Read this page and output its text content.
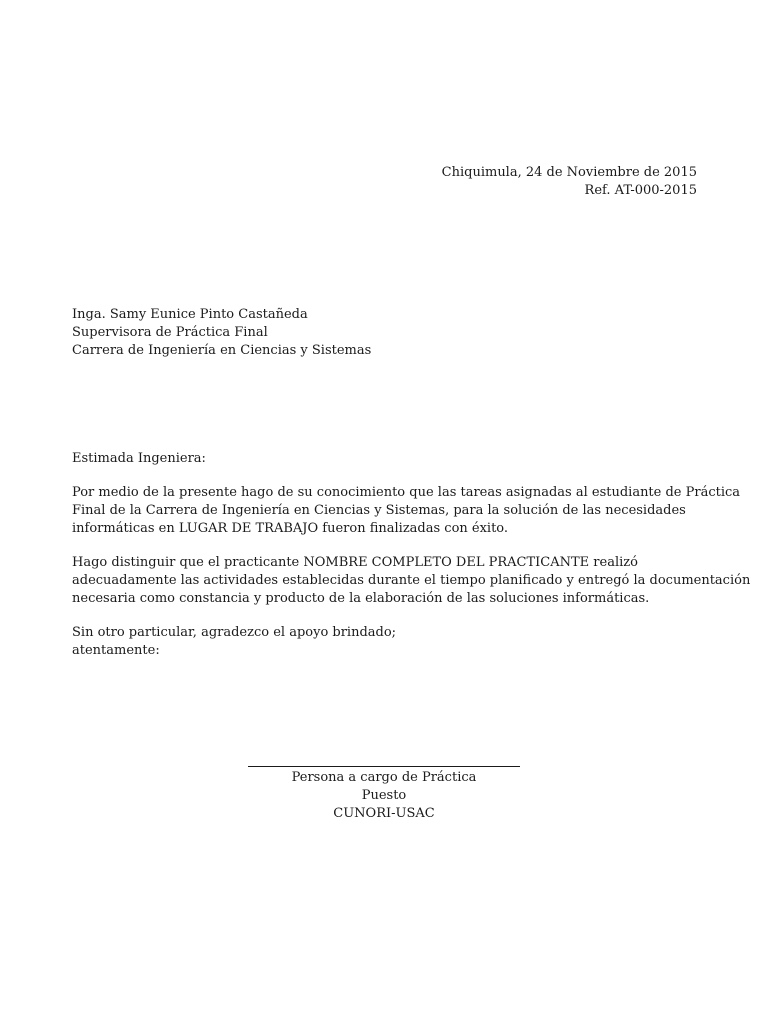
Chiquimula, 24 de Noviembre de 2015
Ref. AT-000-2015
Inga. Samy Eunice Pinto Castañeda
Supervisora de Práctica Final
Carrera de Ingeniería en Ciencias y Sistemas

Estimada Ingeniera:

Por medio de la presente hago de su conocimiento que las tareas asignadas al estudiante de Práctica
Final de la Carrera de Ingeniería en Ciencias y Sistemas, para la solución de las necesidades
informáticas en LUGAR DE TRABAJO fueron finalizadas con éxito.

Hago distinguir que el practicante NOMBRE COMPLETO DEL PRACTICANTE realizó
adecuadamente las actividades establecidas durante el tiempo planificado y entregó la documentación
necesaria como constancia y producto de la elaboración de las soluciones informáticas.

Sin otro particular, agradezco el apoyo brindado;
atentamente:

Persona a cargo de Práctica
Puesto
CUNORI-USAC
